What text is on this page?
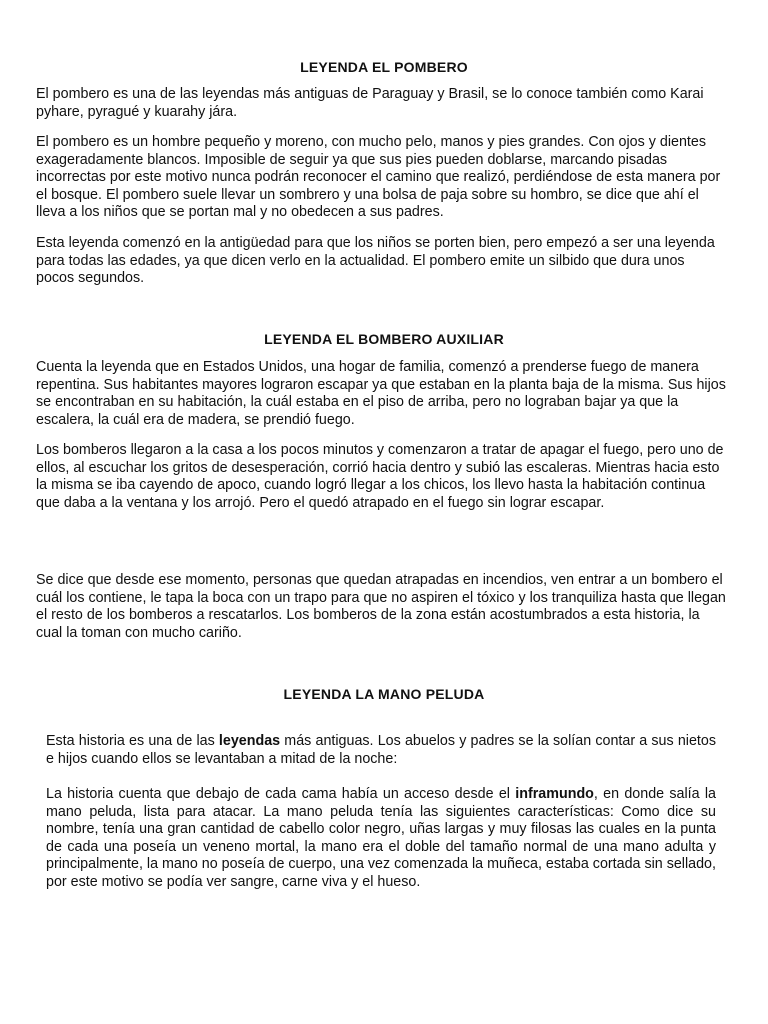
LEYENDA EL POMBERO

El pombero es una de las leyendas más antiguas de Paraguay y Brasil, se lo conoce también como Karai pyhare, pyragué y kuarahy jára.

El pombero es un hombre pequeño y moreno, con mucho pelo, manos y pies grandes. Con ojos y dientes exageradamente blancos. Imposible de seguir ya que sus pies pueden doblarse, marcando pisadas incorrectas por este motivo nunca podrán reconocer el camino que realizó, perdiéndose de esta manera por el bosque. El pombero suele llevar un sombrero y una bolsa de paja sobre su hombro, se dice que ahí el lleva a los niños que se portan mal y no obedecen a sus padres.

Esta leyenda comenzó en la antigüedad para que los niños se porten bien, pero empezó a ser una leyenda para todas las edades, ya que dicen verlo en la actualidad. El pombero emite un silbido que dura unos pocos segundos.

LEYENDA EL BOMBERO AUXILIAR

Cuenta la leyenda que en Estados Unidos, una hogar de familia, comenzó a prenderse fuego de manera repentina. Sus habitantes mayores lograron escapar ya que estaban en la planta baja de la misma. Sus hijos se encontraban en su habitación, la cuál estaba en el piso de arriba, pero no lograban bajar ya que la escalera, la cuál era de madera, se prendió fuego.

Los bomberos llegaron a la casa a los pocos minutos y comenzaron a tratar de apagar el fuego, pero uno de ellos, al escuchar los gritos de desesperación, corrió hacia dentro y subió las escaleras. Mientras hacia esto la misma se iba cayendo de apoco, cuando logró llegar a los chicos, los llevo hasta la habitación continua que daba a la ventana y los arrojó. Pero el quedó atrapado en el fuego sin lograr escapar.

Se dice que desde ese momento, personas que quedan atrapadas en incendios, ven entrar a un bombero el cuál los contiene, le tapa la boca con un trapo para que no aspiren el tóxico y los tranquiliza hasta que llegan el resto de los bomberos a rescatarlos. Los bomberos de la zona están acostumbrados a esta historia, la cual la toman con mucho cariño.

LEYENDA LA MANO PELUDA

Esta historia es una de las leyendas más antiguas. Los abuelos y padres se la solían contar a sus nietos e hijos cuando ellos se levantaban a mitad de la noche:

La historia cuenta que debajo de cada cama había un acceso desde el inframundo, en donde salía la mano peluda, lista para atacar. La mano peluda tenía las siguientes características: Como dice su nombre, tenía una gran cantidad de cabello color negro, uñas largas y muy filosas las cuales en la punta de cada una poseía un veneno mortal, la mano era el doble del tamaño normal de una mano adulta y principalmente, la mano no poseía de cuerpo, una vez comenzada la muñeca, estaba cortada sin sellado, por este motivo se podía ver sangre, carne viva y el hueso.
